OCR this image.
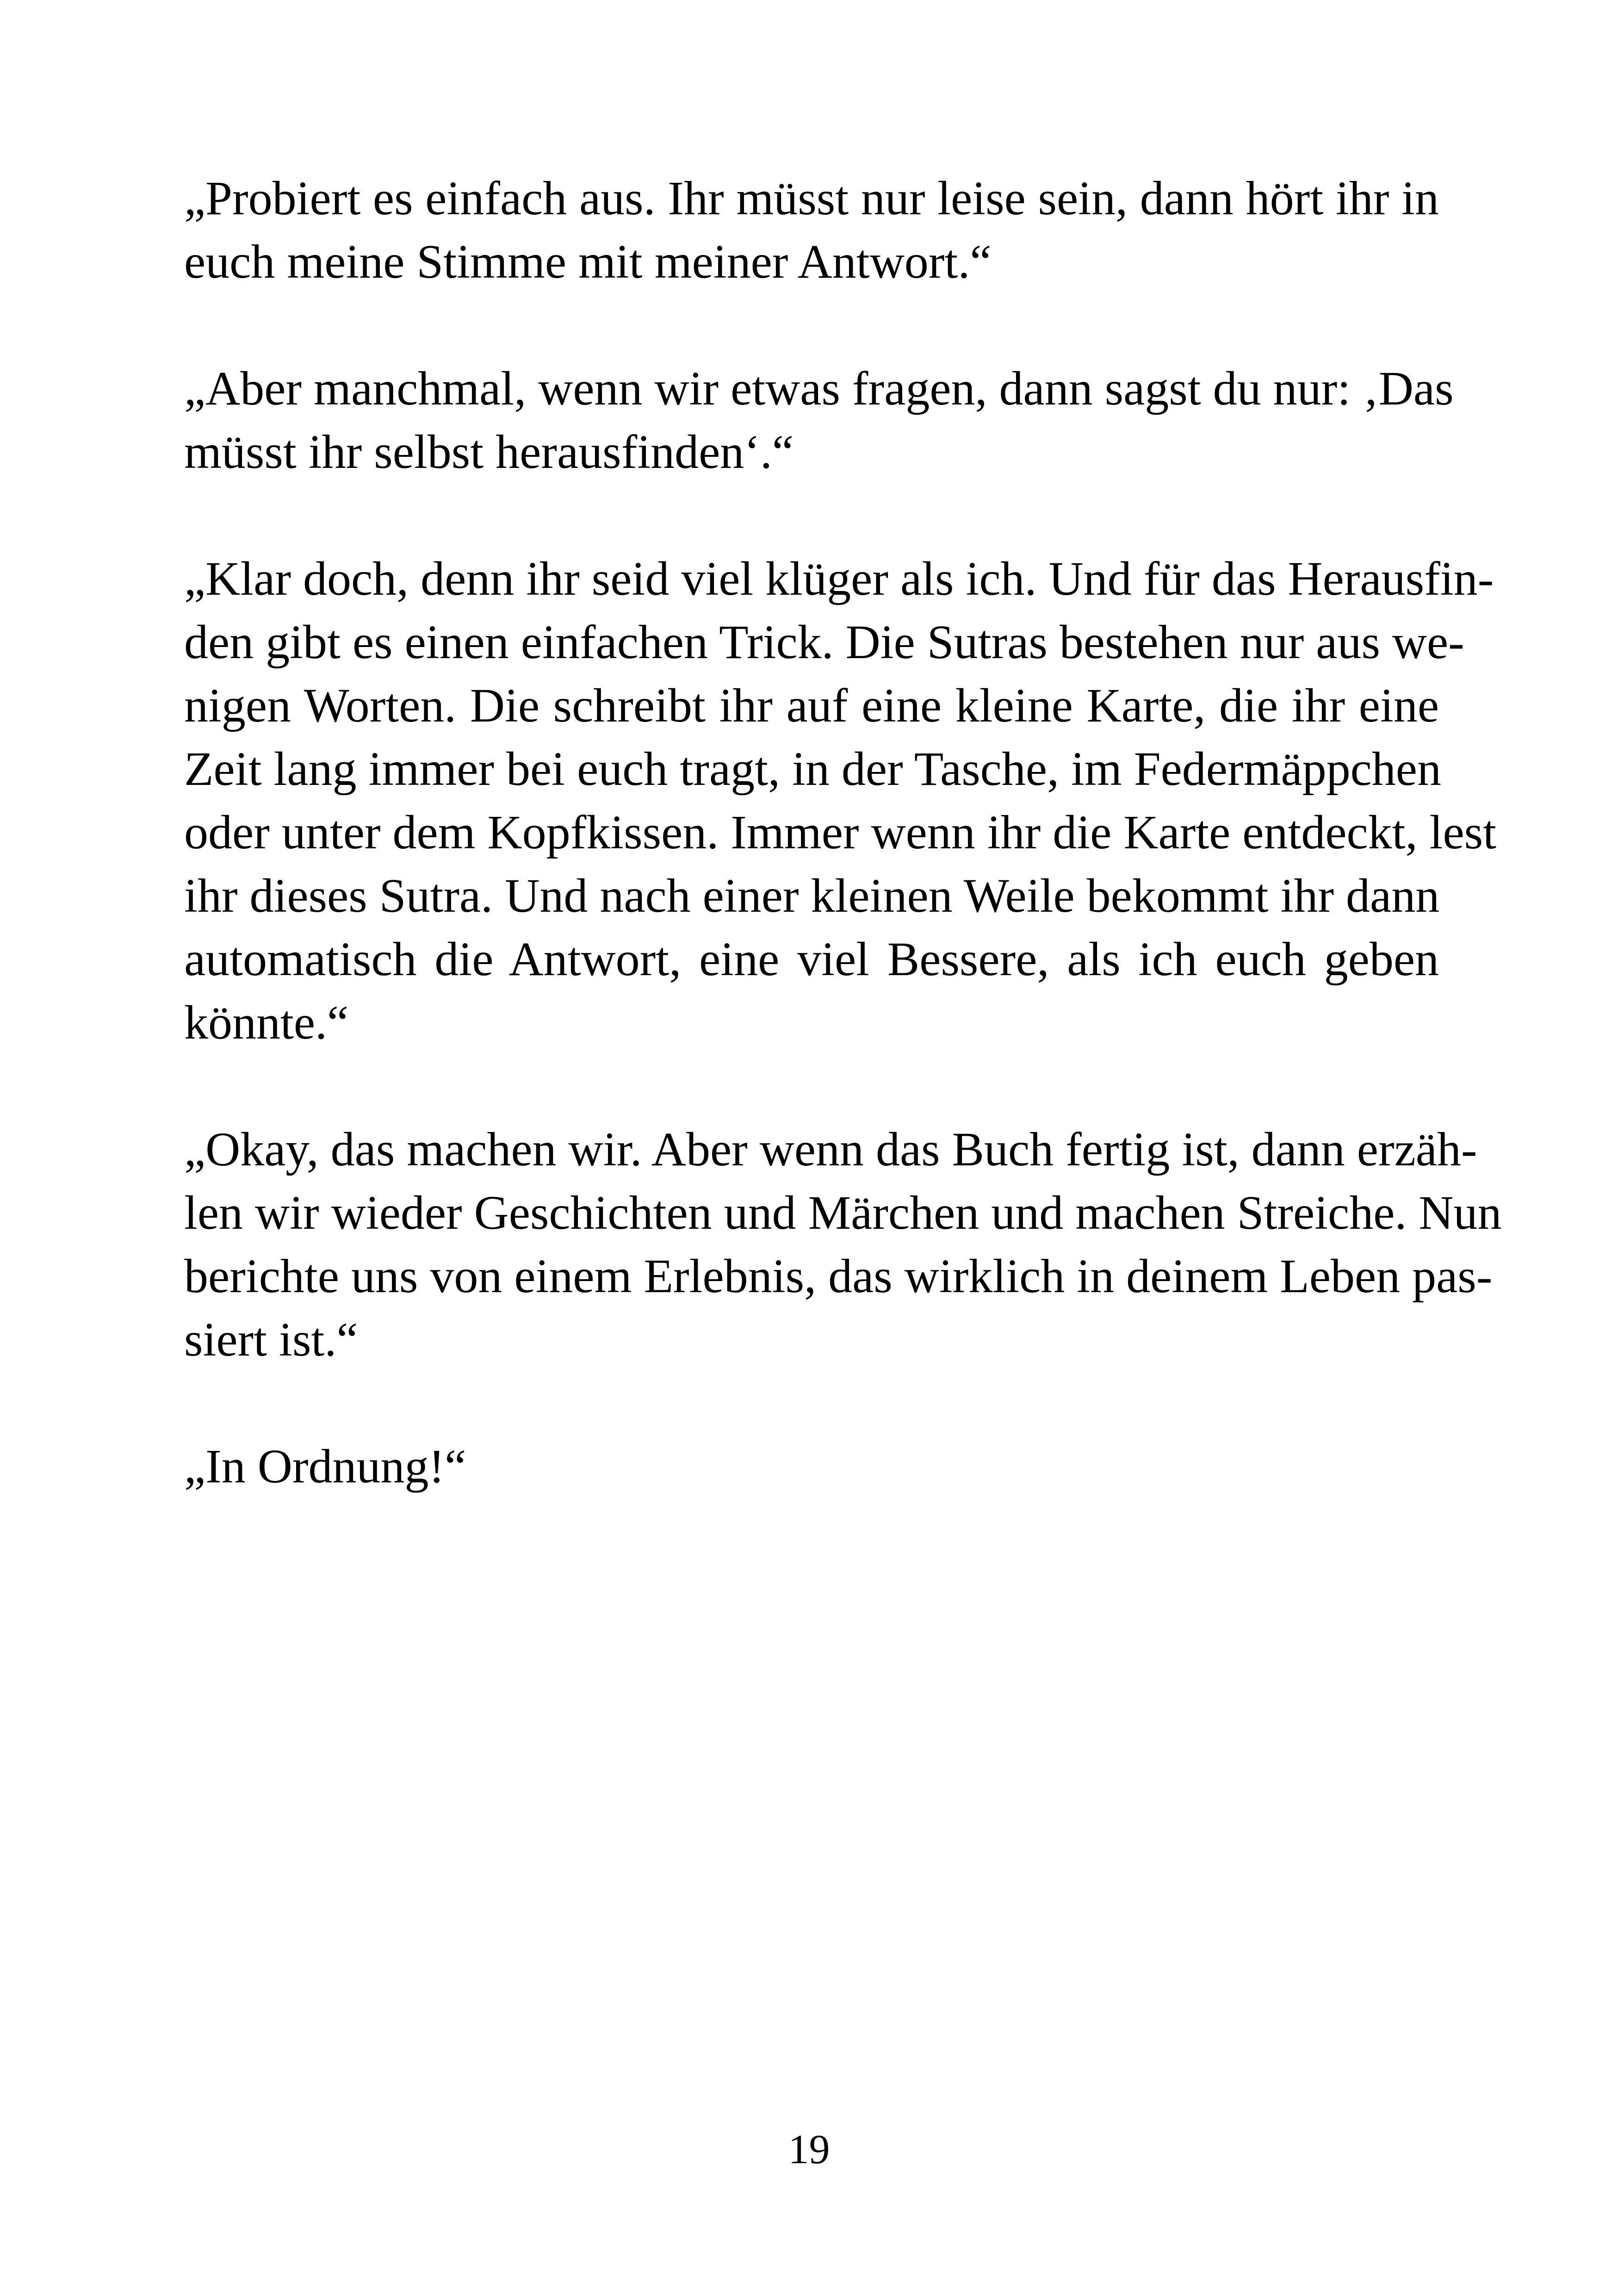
„Probiert es einfach aus. Ihr müsst nur leise sein, dann hört ihr in
euch meine Stimme mit meiner Antwort.“
„Aber manchmal, wenn wir etwas fragen, dann sagst du nur: ‚Das
müsst ihr selbst herausfinden‘.“
„Klar doch, denn ihr seid viel klüger als ich. Und für das Herausfin-
den gibt es einen einfachen Trick. Die Sutras bestehen nur aus we-
nigen Worten. Die schreibt ihr auf eine kleine Karte, die ihr eine
Zeit lang immer bei euch tragt, in der Tasche, im Federmäppchen
oder unter dem Kopfkissen. Immer wenn ihr die Karte entdeckt, lest
ihr dieses Sutra. Und nach einer kleinen Weile bekommt ihr dann
automatisch die Antwort, eine viel Bessere, als ich euch geben
könnte.“
„Okay, das machen wir. Aber wenn das Buch fertig ist, dann erzäh-
len wir wieder Geschichten und Märchen und machen Streiche. Nun
berichte uns von einem Erlebnis, das wirklich in deinem Leben pas-
siert ist.“
„In Ordnung!“
19
